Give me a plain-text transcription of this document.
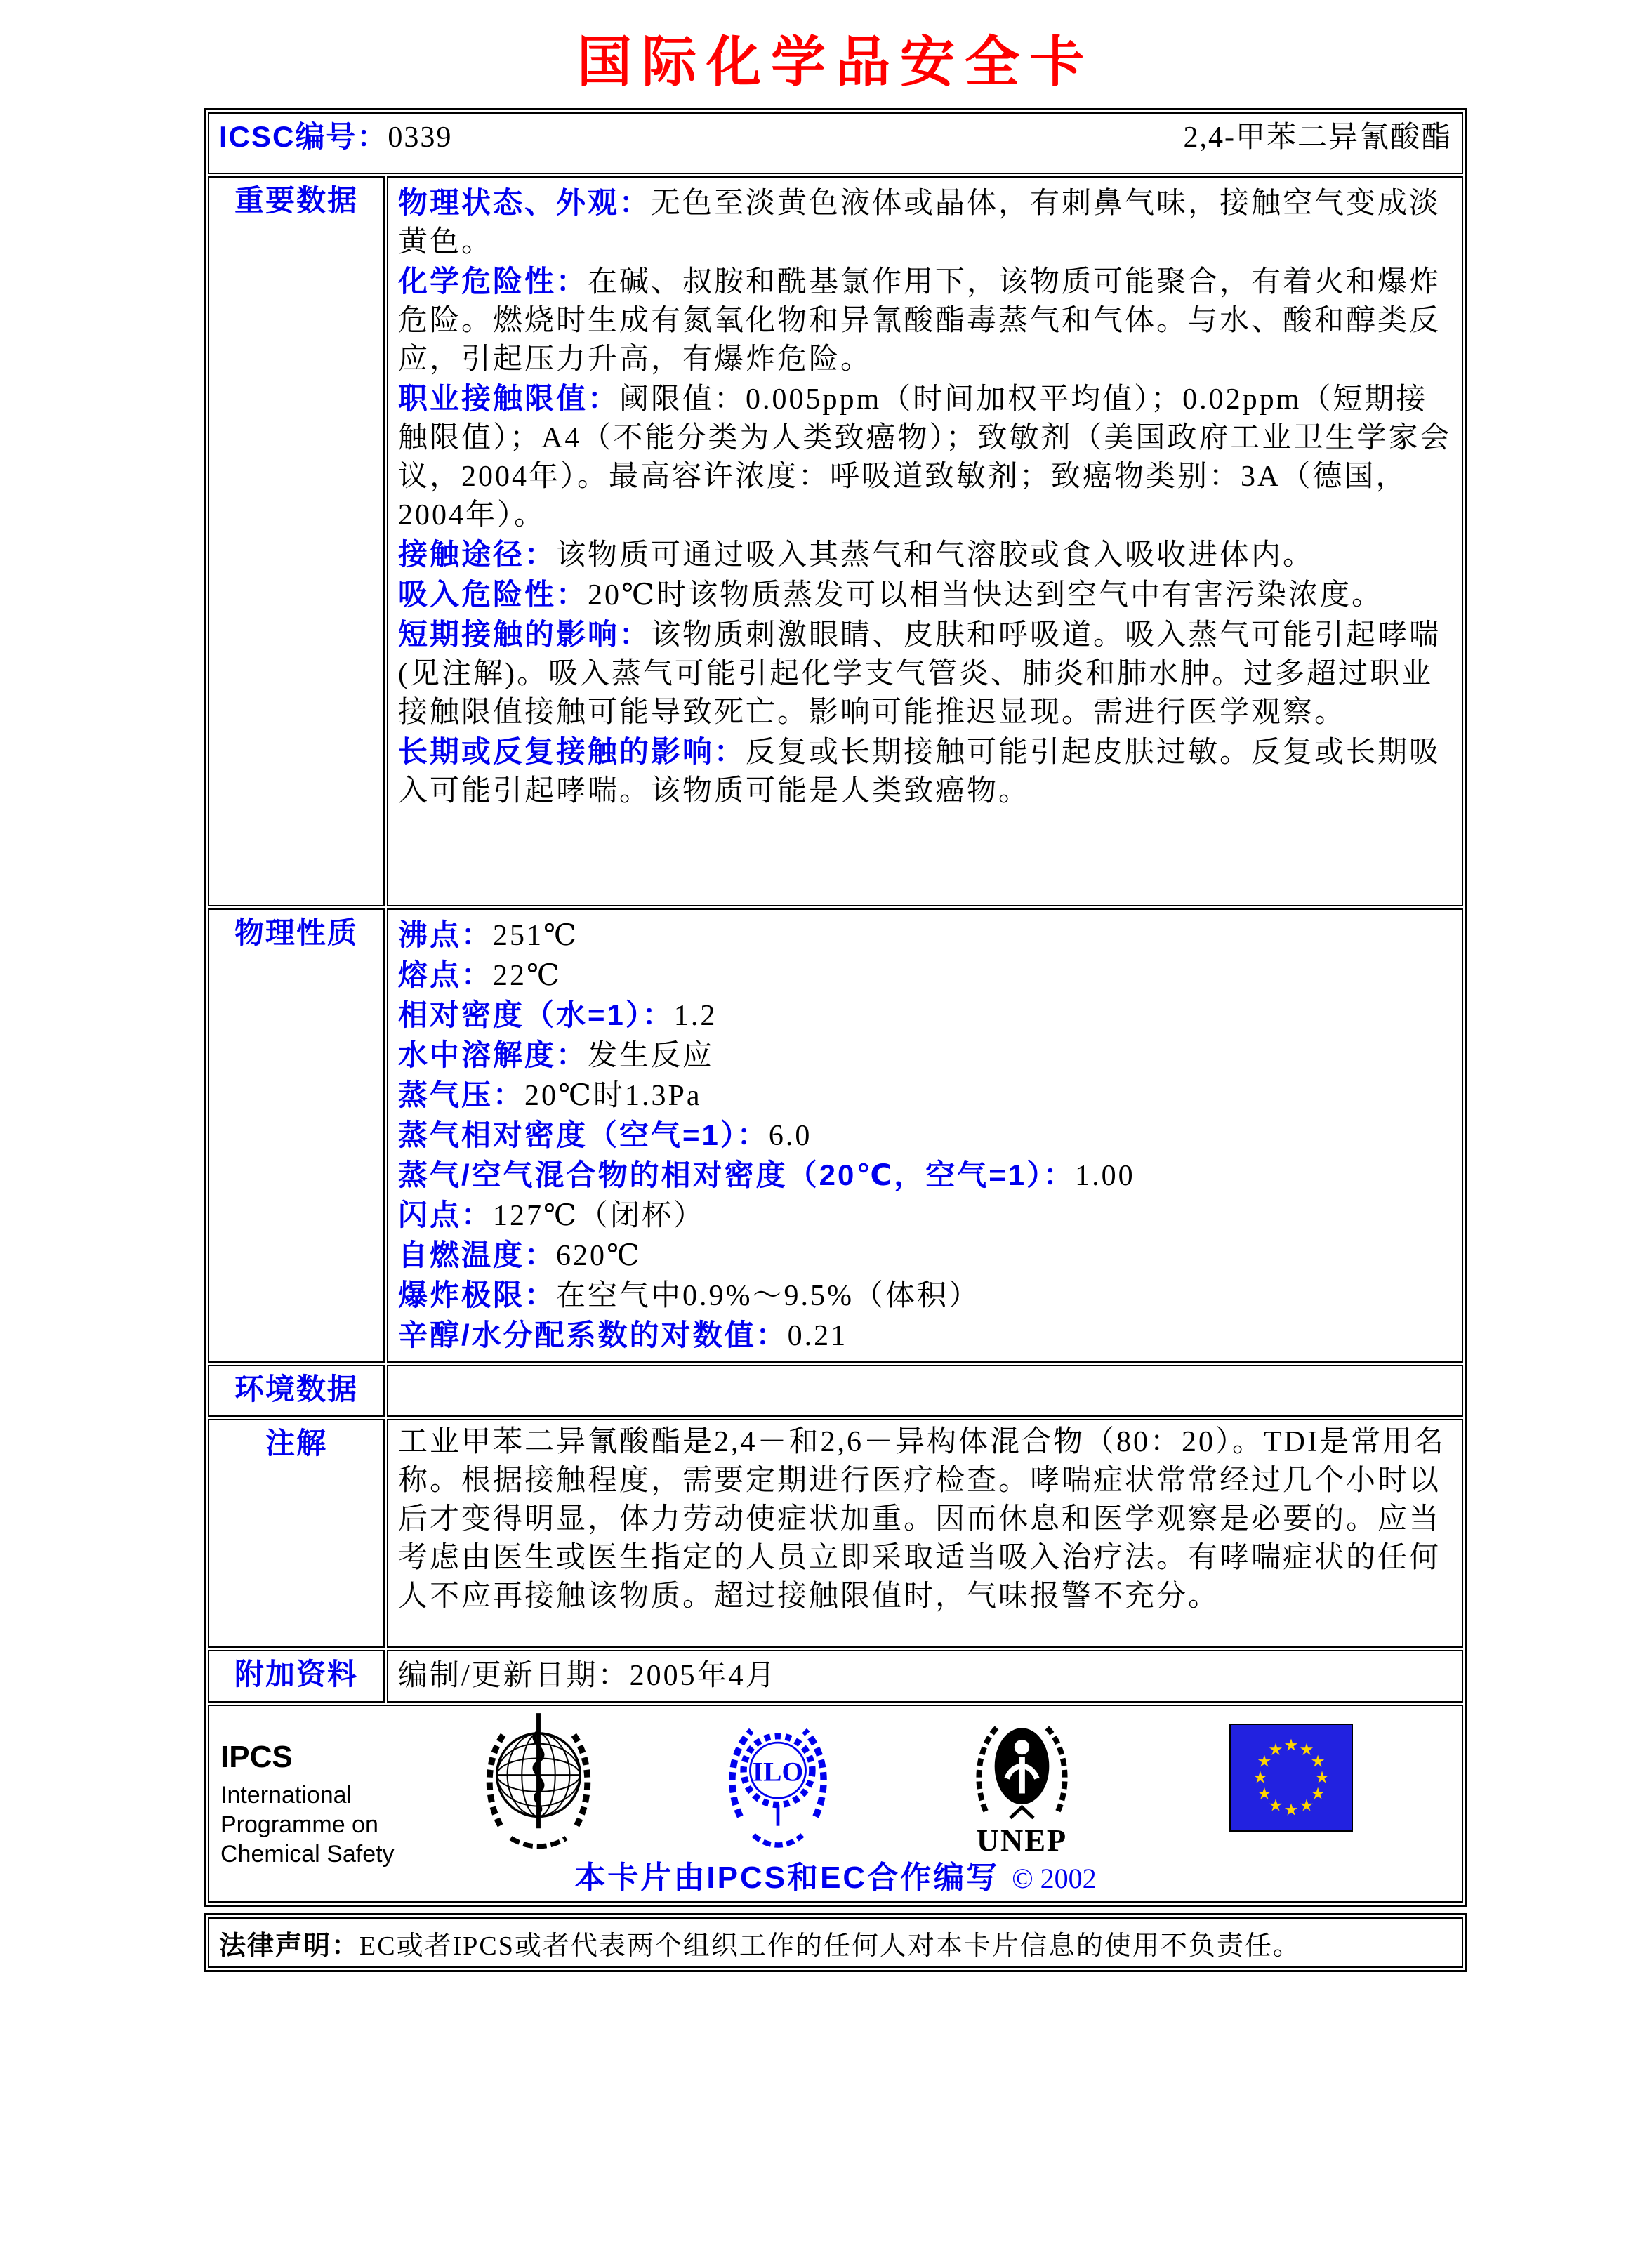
国际化学品安全卡
ICSC编号：0339 2,4-甲苯二异氰酸酯	

重要数据	物理状态、外观：无色至淡黄色液体或晶体，有刺鼻气味，接触空气变成淡黄色。
化学危险性：在碱、叔胺和酰基氯作用下，该物质可能聚合，有着火和爆炸危险。燃烧时生成有氮氧化物和异氰酸酯毒蒸气和气体。与水、酸和醇类反应，引起压力升高，有爆炸危险。
职业接触限值：阈限值：0.005ppm（时间加权平均值）；0.02ppm（短期接触限值）；A4（不能分类为人类致癌物）；致敏剂（美国政府工业卫生学家会议，2004年）。最高容许浓度：呼吸道致敏剂；致癌物类别：3A（德国，2004年）。
接触途径：该物质可通过吸入其蒸气和气溶胶或食入吸收进体内。
吸入危险性：20℃时该物质蒸发可以相当快达到空气中有害污染浓度。
短期接触的影响：该物质刺激眼睛、皮肤和呼吸道。吸入蒸气可能引起哮喘(见注解)。吸入蒸气可能引起化学支气管炎、肺炎和肺水肿。过多超过职业接触限值接触可能导致死亡。影响可能推迟显现。需进行医学观察。
长期或反复接触的影响：反复或长期接触可能引起皮肤过敏。反复或长期吸入可能引起哮喘。该物质可能是人类致癌物。

物理性质	沸点：251℃
熔点：22℃
相对密度（水=1）：1.2
水中溶解度：发生反应
蒸气压：20℃时1.3Pa
蒸气相对密度（空气=1）：6.0
蒸气/空气混合物的相对密度（20℃，空气=1）：1.00
闪点：127℃（闭杯）
自燃温度：620℃
爆炸极限：在空气中0.9%～9.5%（体积）
辛醇/水分配系数的对数值：0.21

环境数据	
注解	工业甲苯二异氰酸酯是2,4－和2,6－异构体混合物（80：20）。TDI是常用名称。根据接触程度，需要定期进行医疗检查。哮喘症状常常经过几个小时以后才变得明显，体力劳动使症状加重。因而休息和医学观察是必要的。应当考虑由医生或医生指定的人员立即采取适当吸入治疗法。有哮喘症状的任何人不应再接触该物质。超过接触限值时，气味报警不充分。
附加资料	编制/更新日期：2005年4月

IPCS
International
Programme on
Chemical Safety
ILO
UNEP
本卡片由IPCS和EC合作编写 © 2002
法律声明：EC或者IPCS或者代表两个组织工作的任何人对本卡片信息的使用不负责任。
